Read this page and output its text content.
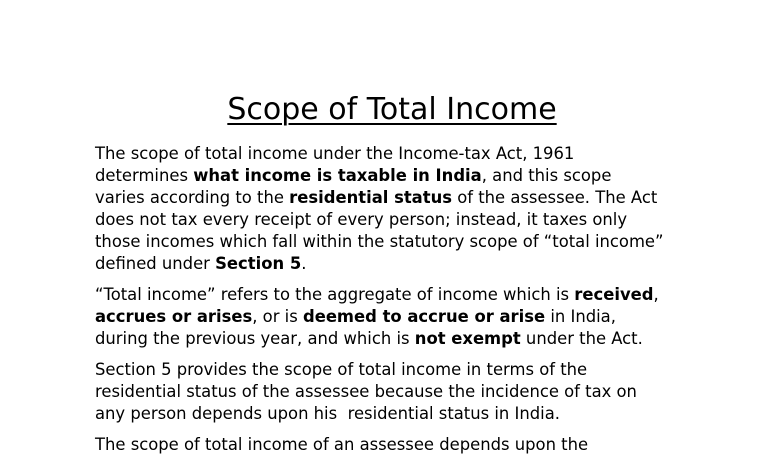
Scope of Total Income

The scope of total income under the Income-tax Act, 1961
determines what income is taxable in India, and this scope
varies according to the residential status of the assessee. The Act
does not tax every receipt of every person; instead, it taxes only
those incomes which fall within the statutory scope of “total income”
defined under Section 5.

“Total income” refers to the aggregate of income which is received,
accrues or arises, or is deemed to accrue or arise in India,
during the previous year, and which is not exempt under the Act.

Section 5 provides the scope of total income in terms of the
residential status of the assessee because the incidence of tax on
any person depends upon his  residential status in India.

The scope of total income of an assessee depends upon the
